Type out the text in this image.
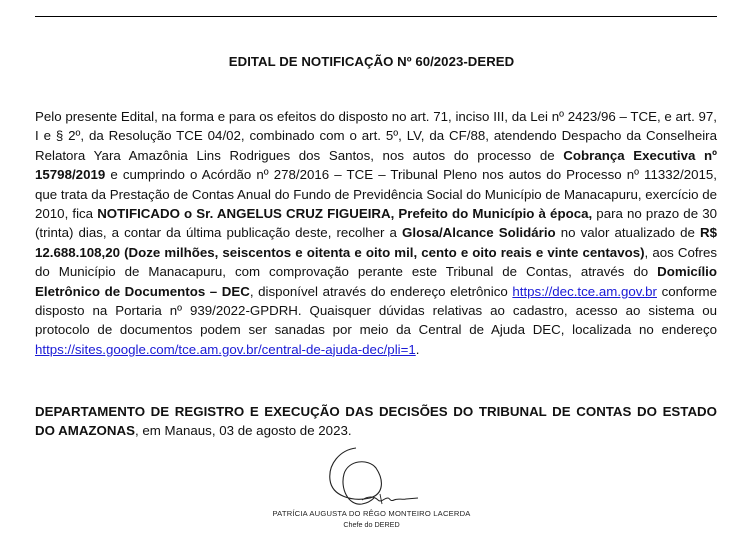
EDITAL DE NOTIFICAÇÃO Nº 60/2023-DERED
Pelo presente Edital, na forma e para os efeitos do disposto no art. 71, inciso III, da Lei nº 2423/96 – TCE, e art. 97, I e § 2º, da Resolução TCE 04/02, combinado com o art. 5º, LV, da CF/88, atendendo Despacho da Conselheira Relatora Yara Amazônia Lins Rodrigues dos Santos, nos autos do processo de Cobrança Executiva nº 15798/2019 e cumprindo o Acórdão nº 278/2016 – TCE – Tribunal Pleno nos autos do Processo nº 11332/2015, que trata da Prestação de Contas Anual do Fundo de Previdência Social do Município de Manacapuru, exercício de 2010, fica NOTIFICADO o Sr. ANGELUS CRUZ FIGUEIRA, Prefeito do Município à época, para no prazo de 30 (trinta) dias, a contar da última publicação deste, recolher a Glosa/Alcance Solidário no valor atualizado de R$ 12.688.108,20 (Doze milhões, seiscentos e oitenta e oito mil, cento e oito reais e vinte centavos), aos Cofres do Município de Manacapuru, com comprovação perante este Tribunal de Contas, através do Domicílio Eletrônico de Documentos – DEC, disponível através do endereço eletrônico https://dec.tce.am.gov.br conforme disposto na Portaria nº 939/2022-GPDRH. Quaisquer dúvidas relativas ao cadastro, acesso ao sistema ou protocolo de documentos podem ser sanadas por meio da Central de Ajuda DEC, localizada no endereço https://sites.google.com/tce.am.gov.br/central-de-ajuda-dec/pli=1.
DEPARTAMENTO DE REGISTRO E EXECUÇÃO DAS DECISÕES DO TRIBUNAL DE CONTAS DO ESTADO DO AMAZONAS, em Manaus, 03 de agosto de 2023.
PATRÍCIA AUGUSTA DO RÊGO MONTEIRO LACERDA
Chefe do DERED
